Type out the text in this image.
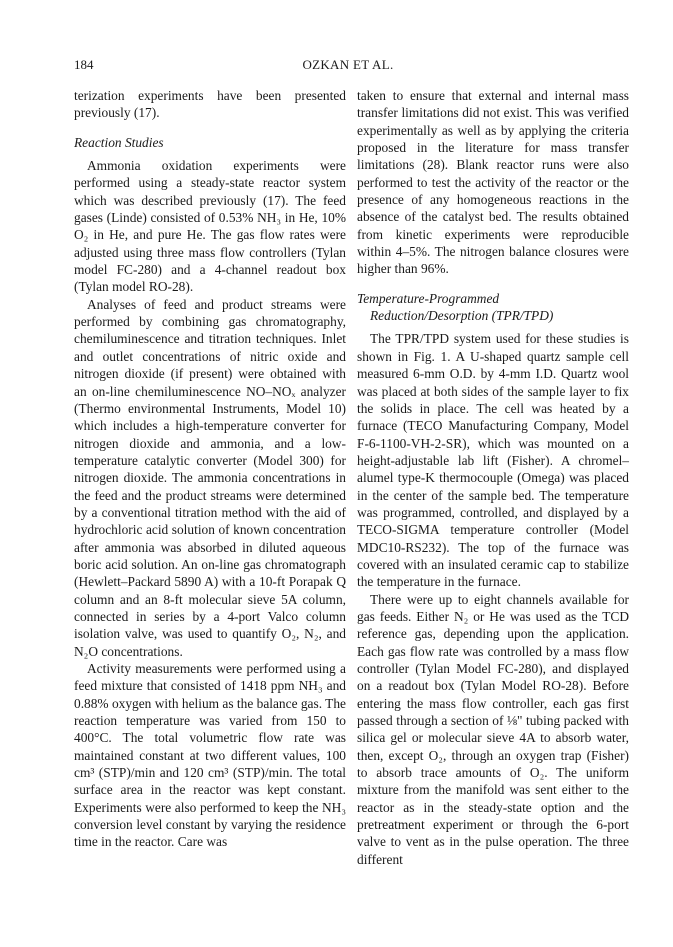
184	OZKAN ET AL.

terization experiments have been presented previously (17).

Reaction Studies

Ammonia oxidation experiments were performed using a steady-state reactor system which was described previously (17). The feed gases (Linde) consisted of 0.53% NH₃ in He, 10% O₂ in He, and pure He. The gas flow rates were adjusted using three mass flow controllers (Tylan model FC-280) and a 4-channel readout box (Tylan model RO-28).

Analyses of feed and product streams were performed by combining gas chromatography, chemiluminescence and titration techniques. Inlet and outlet concentrations of nitric oxide and nitrogen dioxide (if present) were obtained with an on-line chemiluminescence NO–NOₓ analyzer (Thermo environmental Instruments, Model 10) which includes a high-temperature converter for nitrogen dioxide and ammonia, and a low-temperature catalytic converter (Model 300) for nitrogen dioxide. The ammonia concentrations in the feed and the product streams were determined by a conventional titration method with the aid of hydrochloric acid solution of known concentration after ammonia was absorbed in diluted aqueous boric acid solution. An on-line gas chromatograph (Hewlett–Packard 5890 A) with a 10-ft Porapak Q column and an 8-ft molecular sieve 5A column, connected in series by a 4-port Valco column isolation valve, was used to quantify O₂, N₂, and N₂O concentrations.

Activity measurements were performed using a feed mixture that consisted of 1418 ppm NH₃ and 0.88% oxygen with helium as the balance gas. The reaction temperature was varied from 150 to 400°C. The total volumetric flow rate was maintained constant at two different values, 100 cm³ (STP)/min and 120 cm³ (STP)/min. The total surface area in the reactor was kept constant. Experiments were also performed to keep the NH₃ conversion level constant by varying the residence time in the reactor. Care was

taken to ensure that external and internal mass transfer limitations did not exist. This was verified experimentally as well as by applying the criteria proposed in the literature for mass transfer limitations (28). Blank reactor runs were also performed to test the activity of the reactor or the presence of any homogeneous reactions in the absence of the catalyst bed. The results obtained from kinetic experiments were reproducible within 4–5%. The nitrogen balance closures were higher than 96%.

Temperature-Programmed
Reduction/Desorption (TPR/TPD)

The TPR/TPD system used for these studies is shown in Fig. 1. A U-shaped quartz sample cell measured 6-mm O.D. by 4-mm I.D. Quartz wool was placed at both sides of the sample layer to fix the solids in place. The cell was heated by a furnace (TECO Manufacturing Company, Model F-6-1100-VH-2-SR), which was mounted on a height-adjustable lab lift (Fisher). A chromel–alumel type-K thermocouple (Omega) was placed in the center of the sample bed. The temperature was programmed, controlled, and displayed by a TECO-SIGMA temperature controller (Model MDC10-RS232). The top of the furnace was covered with an insulated ceramic cap to stabilize the temperature in the furnace.

There were up to eight channels available for gas feeds. Either N₂ or He was used as the TCD reference gas, depending upon the application. Each gas flow rate was controlled by a mass flow controller (Tylan Model FC-280), and displayed on a readout box (Tylan Model RO-28). Before entering the mass flow controller, each gas first passed through a section of ⅛" tubing packed with silica gel or molecular sieve 4A to absorb water, then, except O₂, through an oxygen trap (Fisher) to absorb trace amounts of O₂. The uniform mixture from the manifold was sent either to the reactor as in the steady-state option and the pretreatment experiment or through the 6-port valve to vent as in the pulse operation. The three different
